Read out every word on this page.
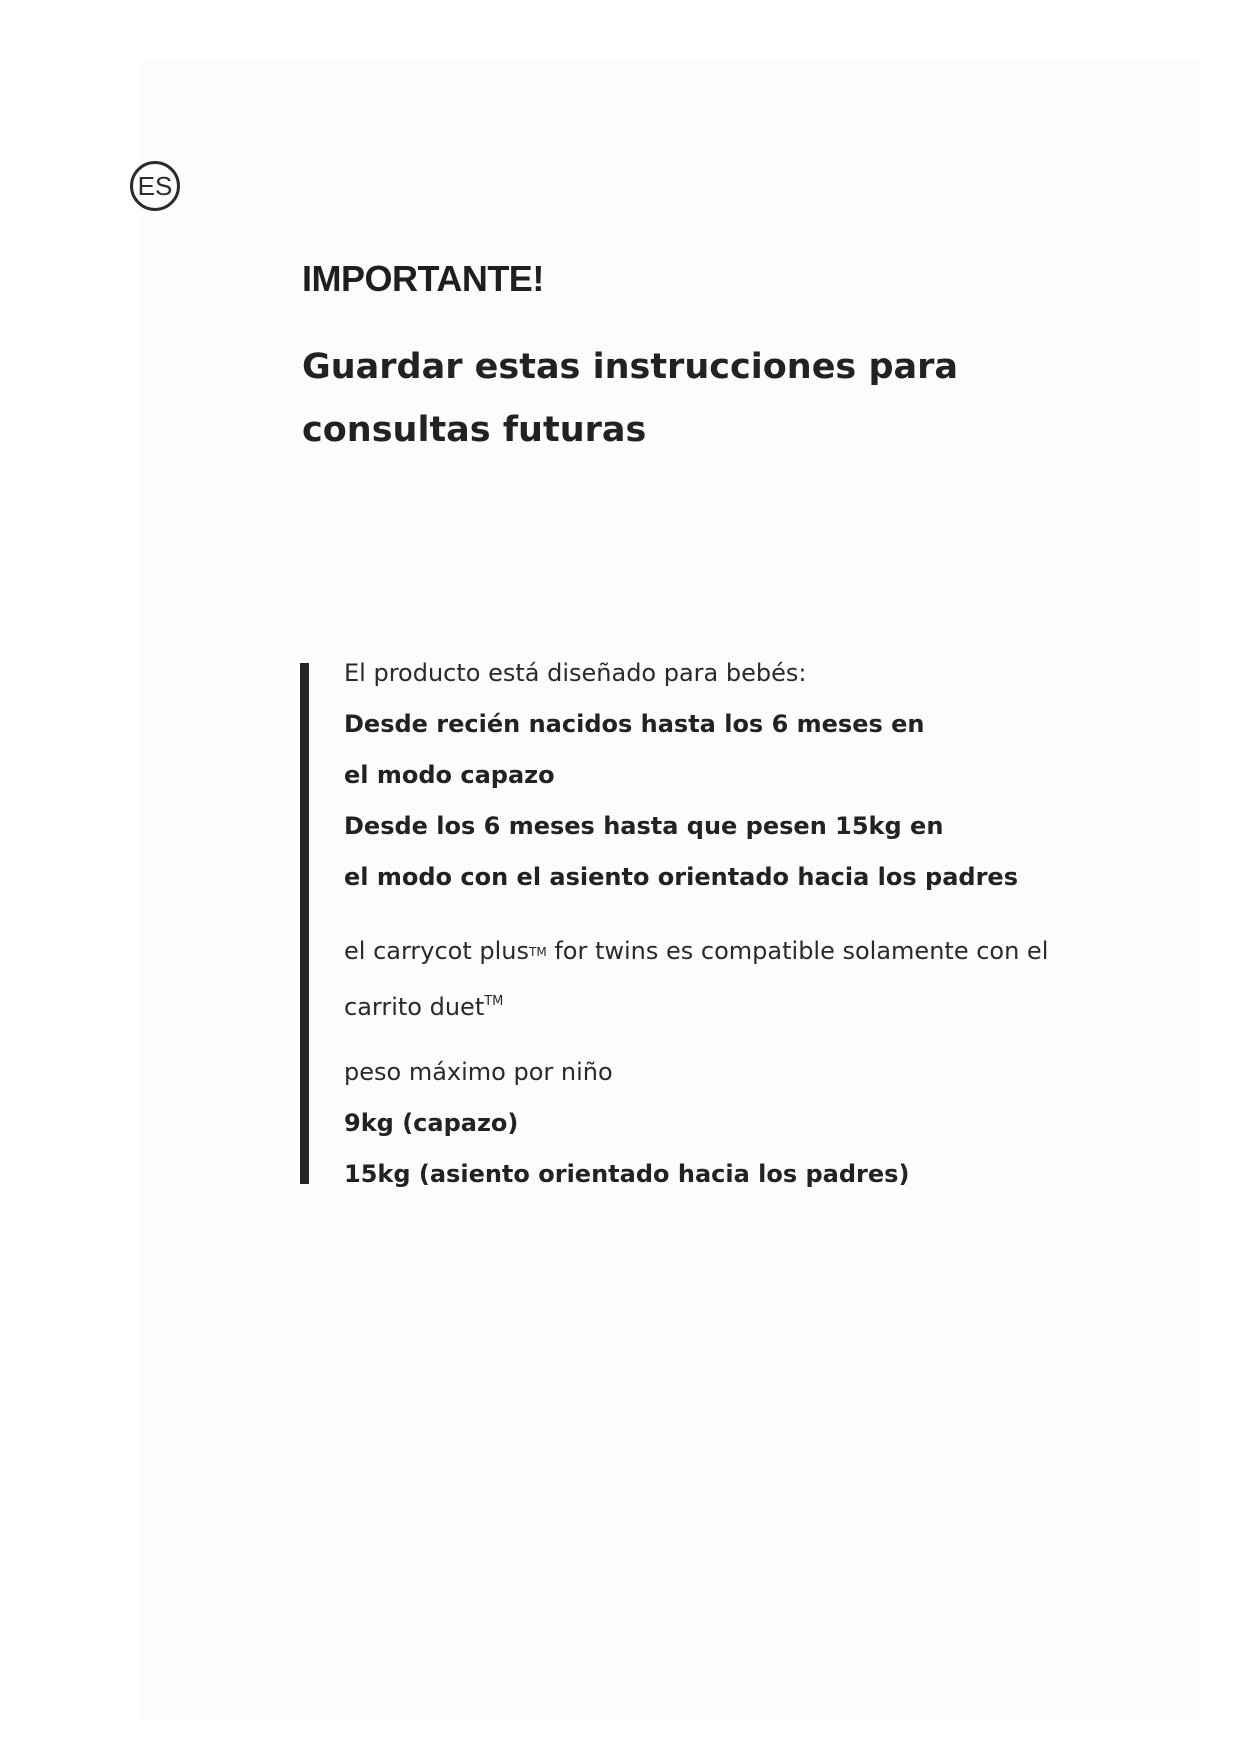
ES
IMPORTANTE!
Guardar estas instrucciones para
consultas futuras
El producto está diseñado para bebés:
Desde recién nacidos hasta los 6 meses en
el modo capazo
Desde los 6 meses hasta que pesen 15kg en
el modo con el asiento orientado hacia los padres
el carrycot plusTM for twins es compatible solamente con el
carrito duet™
peso máximo por niño
9kg (capazo)
15kg (asiento orientado hacia los padres)
